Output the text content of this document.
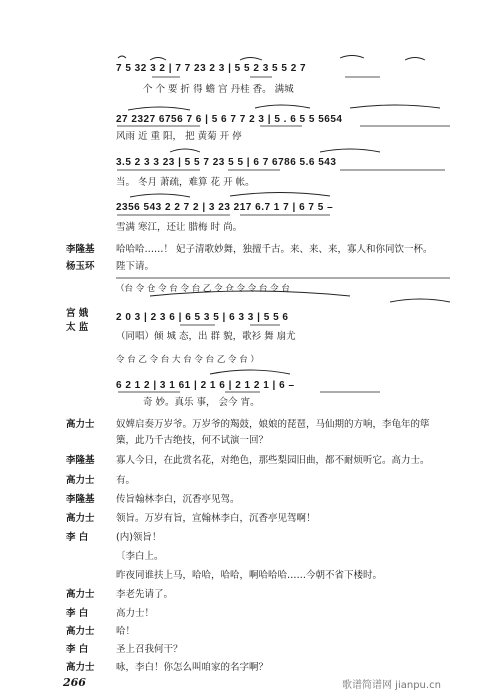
7 5 32 3 2 | 7 7 23 2 3 | 5 5 2 3 5 5 2 7
个 个 要 折 得 蟾 宫 丹桂 香。 满城
27 2327 6756 7 6 | 5 6 7 7 2 3 | 5 . 6 5 5 5654
风雨 近 重 阳， 把 黄菊 开 停
3.5 2 3 3 23 | 5 5 7 23 5 5 | 6 7 6786 5.6 543
当。 冬月 萧疏，难算 花 开 帐。
2356 543 2 2 7 2 | 3 23 217 6.7 1 7 | 6 7 5 –
雪满 寒江，还让 腊梅 时 尚。
李隆基 哈哈哈……！ 妃子清歌妙舞，独擅千古。来、来、来，寡人和你同饮一杯。
杨玉环 陛下请。
（台 令 仓 令 台 令 台 乙 令 仓 令 令 台 令 台
宫 娥
太 监
2 0 3 | 2 3 6 | 6 5 3 5 | 6 3 3 | 5 5 6
（同唱）倾 城 态，出 群 貌，歌衫 舞 扇尤
令 台 乙 令 台 大 台 令 台 乙 令 台 ）
6 2 1 2 | 3 1 61 | 2 1 6 | 2 1 2 1 | 6 –
奇 妙。真乐 事， 会今 宵。
高力士 奴婢启奏万岁爷。万岁爷的羯鼓，娘娘的琵琶，马仙期的方响，李龟年的筚
篥，此乃千古绝技，何不试演一回？
李隆基 寡人今日，在此赏名花，对绝色，那些梨园旧曲，都不耐烦听它。高力士。
高力士 有。
李隆基 传旨翰林李白，沉香亭见驾。
高力士 领旨。万岁有旨，宣翰林李白，沉香亭见驾啊！
李 白	(内)领旨！
〔李白上。
昨夜同谁扶上马，哈哈，哈哈，啊哈哈哈……今朝不省下楼时。
高力士 李老先请了。
李 白	高力士！
高力士 哈！
李 白	圣上召我何干？
高力士 咏，李白！你怎么叫咱家的名字啊？
266	歌谱简谱网 jianpu.cn
